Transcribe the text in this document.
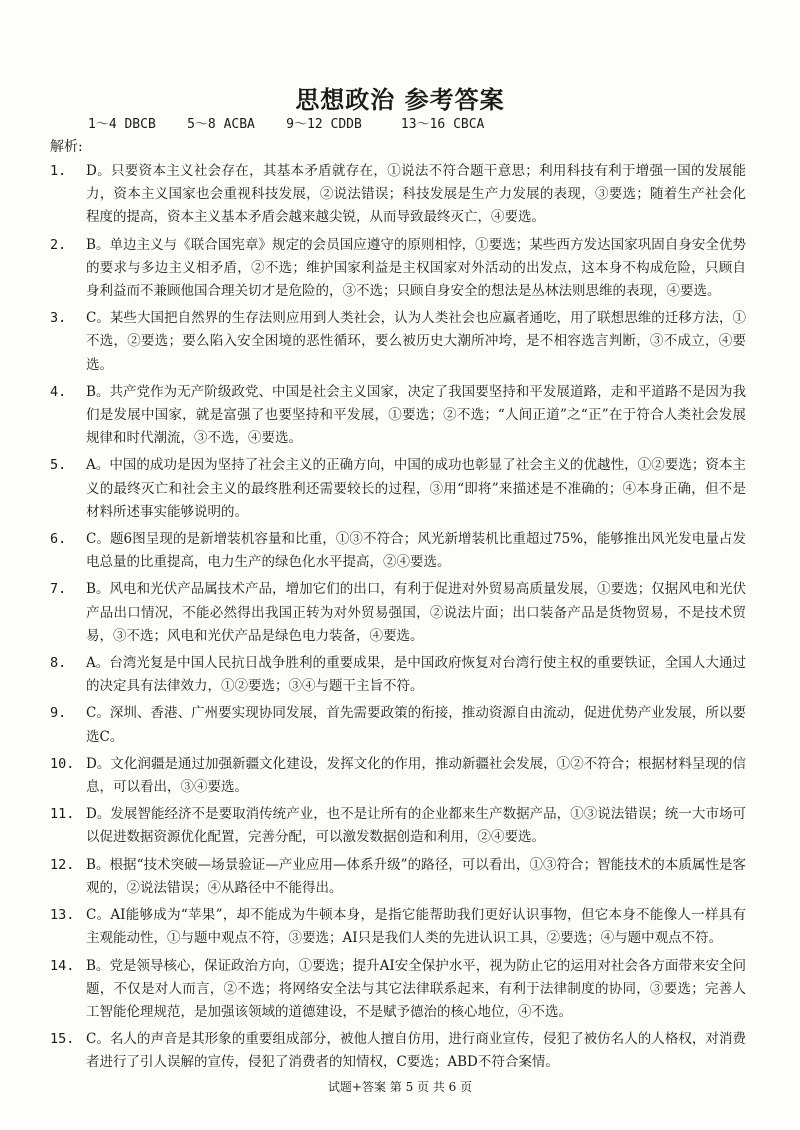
思想政治 参考答案
1～4 DBCB    5～8 ACBA    9～12 CDDB     13～16 CBCA
解析:
1.	D。只要资本主义社会存在，其基本矛盾就存在，①说法不符合题干意思；利用科技有利于增强一国的发展能力，资本主义国家也会重视科技发展，②说法错误；科技发展是生产力发展的表现，③要选；随着生产社会化程度的提高，资本主义基本矛盾会越来越尖锐，从而导致最终灭亡，④要选。
2.	B。单边主义与《联合国宪章》规定的会员国应遵守的原则相悖，①要选；某些西方发达国家巩固自身安全优势的要求与多边主义相矛盾，②不选；维护国家利益是主权国家对外活动的出发点，这本身不构成危险，只顾自身利益而不兼顾他国合理关切才是危险的，③不选；只顾自身安全的想法是丛林法则思维的表现，④要选。
3.	C。某些大国把自然界的生存法则应用到人类社会，认为人类社会也应赢者通吃，用了联想思维的迁移方法，①不选，②要选；要么陷入安全困境的恶性循环，要么被历史大潮所冲垮，是不相容选言判断，③不成立，④要选。
4.	B。共产党作为无产阶级政党、中国是社会主义国家，决定了我国要坚持和平发展道路，走和平道路不是因为我们是发展中国家，就是富强了也要坚持和平发展，①要选；②不选；“人间正道”之“正”在于符合人类社会发展规律和时代潮流，③不选，④要选。
5.	A。中国的成功是因为坚持了社会主义的正确方向，中国的成功也彰显了社会主义的优越性，①②要选；资本主义的最终灭亡和社会主义的最终胜利还需要较长的过程，③用“即将”来描述是不准确的；④本身正确，但不是材料所述事实能够说明的。
6.	C。题6图呈现的是新增装机容量和比重，①③不符合；风光新增装机比重超过75%，能够推出风光发电量占发电总量的比重提高，电力生产的绿色化水平提高，②④要选。
7.	B。风电和光伏产品属技术产品，增加它们的出口，有利于促进对外贸易高质量发展，①要选；仅据风电和光伏产品出口情况，不能必然得出我国正转为对外贸易强国，②说法片面；出口装备产品是货物贸易，不是技术贸易，③不选；风电和光伏产品是绿色电力装备，④要选。
8.	A。台湾光复是中国人民抗日战争胜利的重要成果，是中国政府恢复对台湾行使主权的重要铁证，全国人大通过的决定具有法律效力，①②要选；③④与题干主旨不符。
9.	C。深圳、香港、广州要实现协同发展，首先需要政策的衔接，推动资源自由流动，促进优势产业发展，所以要选C。
10. D。文化润疆是通过加强新疆文化建设，发挥文化的作用，推动新疆社会发展，①②不符合；根据材料呈现的信息，可以看出，③④要选。
11. D。发展智能经济不是要取消传统产业，也不是让所有的企业都来生产数据产品，①③说法错误；统一大市场可以促进数据资源优化配置，完善分配，可以激发数据创造和利用，②④要选。
12. B。根据“技术突破—场景验证—产业应用—体系升级”的路径，可以看出，①③符合；智能技术的本质属性是客观的，②说法错误；④从路径中不能得出。
13. C。AI能够成为“苹果”，却不能成为牛顿本身，是指它能帮助我们更好认识事物，但它本身不能像人一样具有主观能动性，①与题中观点不符，③要选；AI只是我们人类的先进认识工具，②要选；④与题中观点不符。
14. B。党是领导核心，保证政治方向，①要选；提升AI安全保护水平，视为防止它的运用对社会各方面带来安全问题，不仅是对人而言，②不选；将网络安全法与其它法律联系起来，有利于法律制度的协同，③要选；完善人工智能伦理规范，是加强该领域的道德建设，不是赋予德治的核心地位，④不选。
15. C。名人的声音是其形象的重要组成部分，被他人擅自仿用，进行商业宣传，侵犯了被仿名人的人格权，对消费者进行了引人误解的宣传，侵犯了消费者的知情权，C要选；ABD不符合案情。
试题+答案 第 5 页 共 6 页
